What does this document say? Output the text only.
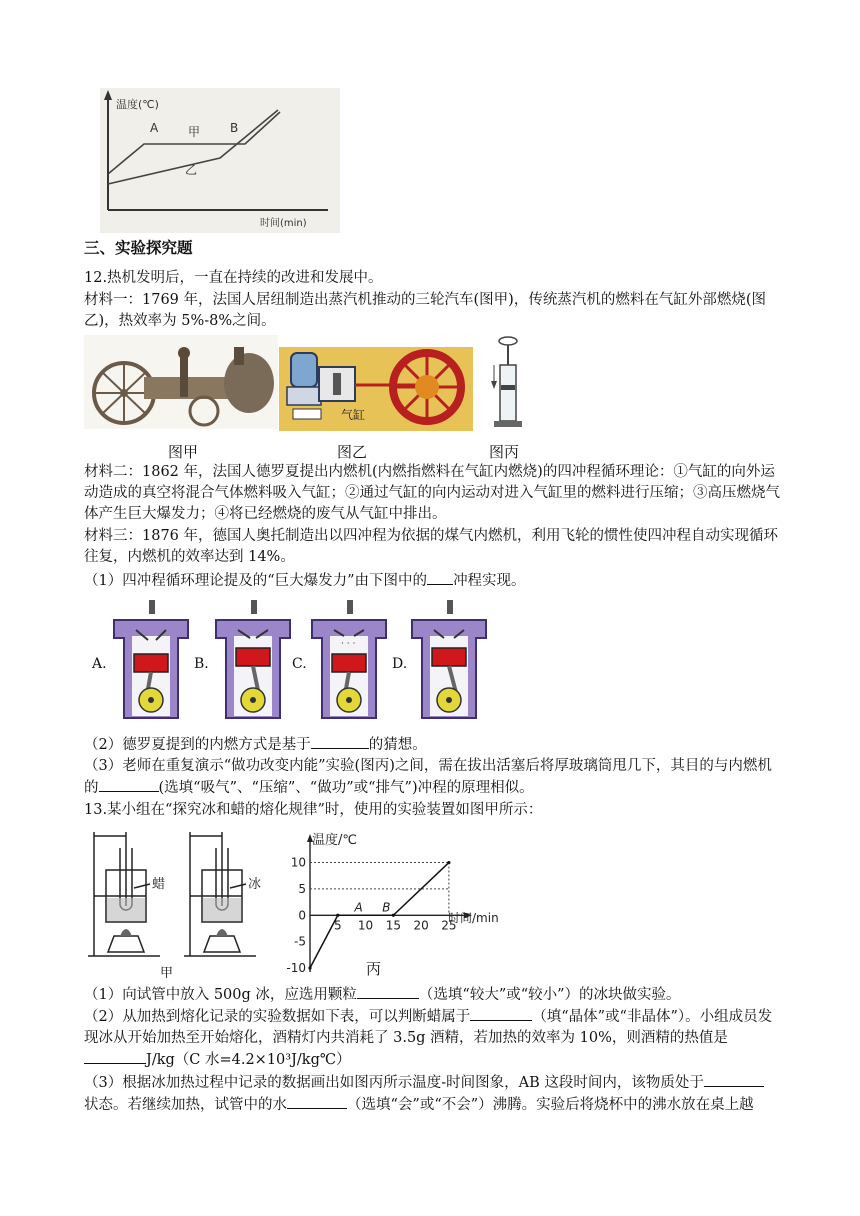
温度(℃)
时间(min)
A 甲 B
乙
三、实验探究题

12.热机发明后，一直在持续的改进和发展中。

材料一：1769 年，法国人居纽制造出蒸汽机推动的三轮汽车(图甲)，传统蒸汽机的燃料在气缸外部燃烧(图乙)，热效率为 5%-8%之间。

气缸
图甲	图乙	图丙

材料二：1862 年，法国人德罗夏提出内燃机(内燃指燃料在气缸内燃烧)的四冲程循环理论：①气缸的向外运动造成的真空将混合气体燃料吸入气缸；②通过气缸的向内运动对进入气缸里的燃料进行压缩；③高压燃烧气体产生巨大爆发力；④将已经燃烧的废气从气缸中排出。

材料三：1876 年，德国人奥托制造出以四冲程为依据的煤气内燃机，利用飞轮的惯性使四冲程自动实现循环往复，内燃机的效率达到 14%。

（1）四冲程循环理论提及的“巨大爆发力”由下图中的 冲程实现。

A.	B.	C.	D.
· · ·

（2）德罗夏提到的内燃方式是基于	的猜想。

（3）老师在重复演示“做功改变内能”实验(图丙)之间，需在拔出活塞后将厚玻璃筒甩几下，其目的与内燃机的	(选填“吸气”、“压缩”、“做功”或“排气”)冲程的原理相似。

13.某小组在“探究冰和蜡的熔化规律”时，使用的实验装置如图甲所示：

蜡	冰
甲	-10
-5
0
5
10
5 10 15 20 25
A B
温度/℃
时间/min
丙

（1）向试管中放入 500g 冰，应选用颗粒	（选填“较大”或“较小”）的冰块做实验。

（2）从加热到熔化记录的实验数据如下表，可以判断蜡属于	（填“晶体”或“非晶体”）。小组成员发现冰从开始加热至开始熔化，酒精灯内共消耗了 3.5g 酒精，若加热的效率为 10%，则酒精的热值是
J/kg（C 水=4.2×10³J/kg℃）

（3）根据冰加热过程中记录的数据画出如图丙所示温度-时间图象，AB 这段时间内，该物质处于
状态。若继续加热，试管中的水	（选填“会”或“不会”）沸腾。实验后将烧杯中的沸水放在桌上越
